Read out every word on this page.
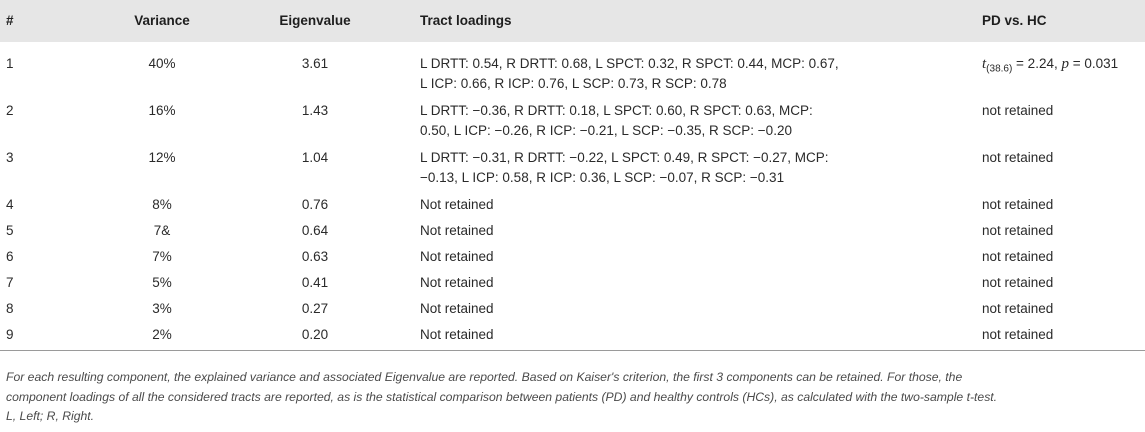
#	Variance	Eigenvalue	Tract loadings	PD vs. HC
1	40%	3.61	L DRTT: 0.54, R DRTT: 0.68, L SPCT: 0.32, R SPCT: 0.44, MCP: 0.67,
L ICP: 0.66, R ICP: 0.76, L SCP: 0.73, R SCP: 0.78	$t_{(38.6)} = 2.24$, p = 0.031
2	16%	1.43	L DRTT: −0.36, R DRTT: 0.18, L SPCT: 0.60, R SPCT: 0.63, MCP:
0.50, L ICP: −0.26, R ICP: −0.21, L SCP: −0.35, R SCP: −0.20	not retained
3	12%	1.04	L DRTT: −0.31, R DRTT: −0.22, L SPCT: 0.49, R SPCT: −0.27, MCP:
−0.13, L ICP: 0.58, R ICP: 0.36, L SCP: −0.07, R SCP: −0.31	not retained
4	8%	0.76	Not retained	not retained
5	7&	0.64	Not retained	not retained
6	7%	0.63	Not retained	not retained
7	5%	0.41	Not retained	not retained
8	3%	0.27	Not retained	not retained
9	2%	0.20	Not retained	not retained
For each resulting component, the explained variance and associated Eigenvalue are reported. Based on Kaiser's criterion, the first 3 components can be retained. For those, the
component loadings of all the considered tracts are reported, as is the statistical comparison between patients (PD) and healthy controls (HCs), as calculated with the two-sample t-test.
L, Left; R, Right.
